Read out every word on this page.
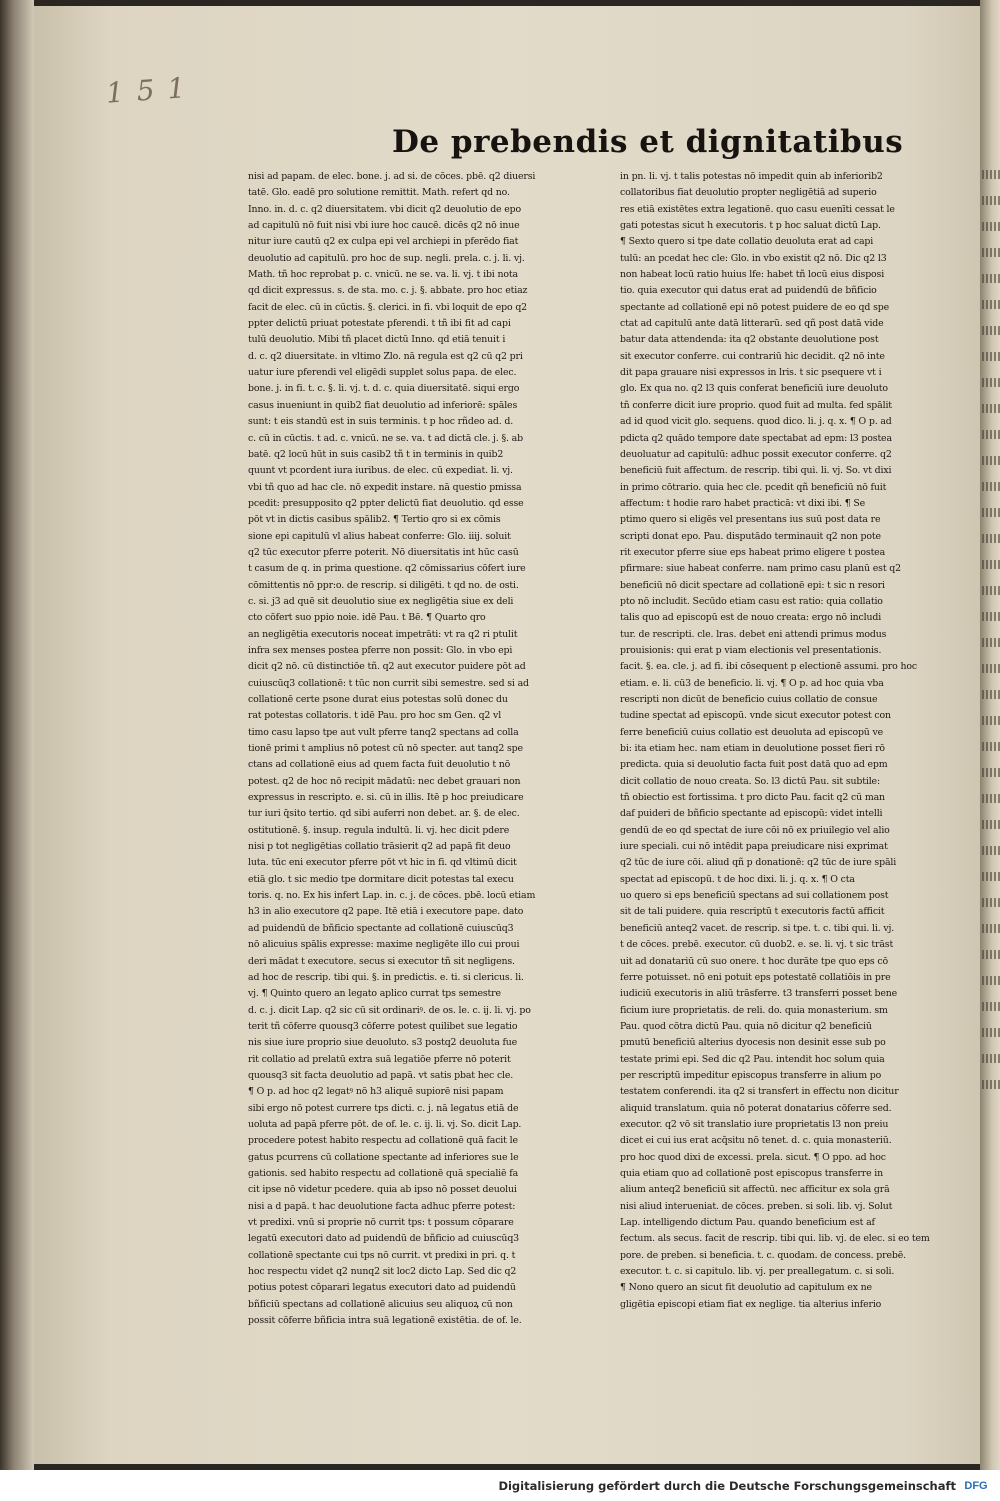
1 5 1
De prebendis et dignitatibus
nisi ad papam. de elec. bone. j. ad si. de cōces. pbē. q2 diuersi
tatē. Glo. eadē pro solutione remittit. Math. refert qd no.
Inno. in. d. c. q2 diuersitatem. vbi dicit q2 deuolutio de epo
ad capitulū nō fuit nisi vbi iure hoc caucē. dicēs q2 nō inue
nitur iure cautū q2 ex culpa epi vel archiepi in pferēdo fiat
deuolutio ad capitulū. pro hoc de sup. negli. prela. c. j. li. vj.
Math. tñ hoc reprobat p. c. vnicū. ne se. va. li. vj. t ibi nota
qd dicit expressus. s. de sta. mo. c. j. §. abbate. pro hoc etiaz
facit de elec. cū in cūctis. §. clerici. in fi. vbi loquit de epo q2
ppter delictū priuat potestate pferendi. t tñ ibi fit ad capi
tulū deuolutio. Mibi tñ placet dictū Inno. qd etiā tenuit i
d. c. q2 diuersitate. in vltimo Zlo. nā regula est q2 cū q2 pri
uatur iure pferendi vel eligēdi supplet solus papa. de elec.
bone. j. in fi. t. c. §. li. vj. t. d. c. quia diuersitatē. siqui ergo
casus inueniunt in quib2 fiat deuolutio ad inferiorē: spāles
sunt: t eis standū est in suis terminis. t p hoc rñdeo ad. d.
c. cū in cūctis. t ad. c. vnicū. ne se. va. t ad dictā cle. j. §. ab
batē. q2 locū hūt in suis casib2 tñ t in terminis in quib2
quunt vt pcordent iura iuribus. de elec. cū expediat. li. vj.
vbi tñ quo ad hac cle. nō expedit instare. nā questio pmissa
pcedit: presupposito q2 ppter delictū fiat deuolutio. qd esse
pōt vt in dictis casibus spālib2. ¶ Tertio qro si ex cōmis
sione epi capitulū vl alius habeat conferre: Glo. iiij. soluit
q2 tūc executor pferre poterit. Nō diuersitatis int hūc casū
t casum de q. in prima questione. q2 cōmissarius cōfert iure
cōmittentis nō ppr:o. de rescrip. si diligēti. t qd no. de osti.
c. si. j3 ad quē sit deuolutio siue ex negligētia siue ex deli
cto cōfert suo ppio noie. idē Pau. t Bē. ¶ Quarto qro
an negligētia executoris noceat impetrāti: vt ra q2 ri ptulit
infra sex menses postea pferre non possit: Glo. in vbo epi
dicit q2 nō. cū distinctiōe tñ. q2 aut executor puidere pōt ad
cuiuscūq3 collationē: t tūc non currit sibi semestre. sed si ad
collationē certe psone durat eius potestas solū donec du
rat potestas collatoris. t idē Pau. pro hoc sm Gen. q2 vl
timo casu lapso tpe aut vult pferre tanq2 spectans ad colla
tionē primi t amplius nō potest cū nō specter. aut tanq2 spe
ctans ad collationē eius ad quem facta fuit deuolutio t nō
potest. q2 de hoc nō recipit mādatū: nec debet grauari non
expressus in rescripto. e. si. cū in illis. Itē p hoc preiudicare
tur iuri q̄sito tertio. qd sibi auferri non debet. ar. §. de elec.
ostitutionē. §. insup. regula indultū. li. vj. hec dicit pdere
nisi p tot negligētias collatio trāsierit q2 ad papā fit deuo
luta. tūc eni executor pferre pōt vt hic in fi. qd vltimū dicit
etiā glo. t sic medio tpe dormitare dicit potestas tal execu
toris. q. no. Ex his infert Lap. in. c. j. de cōces. pbē. locū etiam
h3 in alio executore q2 pape. Itē etiā i executore pape. dato
ad puidendū de bñficio spectante ad collationē cuiuscūq3
nō alicuius spālis expresse: maxime negligēte illo cui proui
deri mādat t executore. secus si executor tñ sit negligens.
ad hoc de rescrip. tibi qui. §. in predictis. e. ti. si clericus. li.
vj. ¶ Quinto quero an legato aplico currat tps semestre
d. c. j. dicit Lap. q2 sic cū sit ordinariꝰ. de os. le. c. ij. li. vj. po
terit tñ cōferre quousq3 cōferre potest quilibet sue legatio
nis siue iure proprio siue deuoluto. s3 postq2 deuoluta fue
rit collatio ad prelatū extra suā legatiōe pferre nō poterit
quousq3 sit facta deuolutio ad papā. vt satis pbat hec cle.
¶ O p. ad hoc q2 legatꝰ nō h3 aliquē supiorē nisi papam
sibi ergo nō potest currere tps dicti. c. j. nā legatus etiā de
uoluta ad papā pferre pōt. de of. le. c. ij. li. vj. So. dicit Lap.
procedere potest habito respectu ad collationē quā facit le
gatus pcurrens cū collatione spectante ad inferiores sue le
gationis. sed habito respectu ad collationē quā specialiē fa
cit ipse nō videtur pcedere. quia ab ipso nō posset deuolui
nisi a d papā. t hac deuolutione facta adhuc pferre potest:
vt predixi. vnū si proprie nō currit tps: t possum cōparare
legatū executori dato ad puidendū de bñficio ad cuiuscūq3
collationē spectante cui tps nō currit. vt predixi in pri. q. t
hoc respectu videt q2 nunq2 sit loc2 dicto Lap. Sed dic q2
potius potest cōparari legatus executori dato ad puidendū
bñficiū spectans ad collationē alicuius seu aliquoꝝ cū non
possit cōferre bñficia intra suā legationē existētia. de of. le.
in pn. li. vj. t talis potestas nō impedit quin ab inferiorib2
collatoribus fiat deuolutio propter negligētiā ad superio
res etiā existētes extra legationē. quo casu euenīti cessat le
gati potestas sicut h executoris. t p hoc saluat dictū Lap.
¶ Sexto quero si tpe date collatio deuoluta erat ad capi
tulū: an pcedat hec cle: Glo. in vbo existit q2 nō. Dic q2 l3
non habeat locū ratio huius lfe: habet tñ locū eius disposi
tio. quia executor qui datus erat ad puidendū de bñficio
spectante ad collationē epi nō potest puidere de eo qd spe
ctat ad capitulū ante datā litterarū. sed qñ post datā vide
batur data attendenda: ita q2 obstante deuolutione post
sit executor conferre. cui contrariū hic decidit. q2 nō inte
dit papa grauare nisi expressos in lris. t sic psequere vt i
glo. Ex qua no. q2 l3 quis conferat beneficiū iure deuoluto
tñ conferre dicit iure proprio. quod fuit ad multa. fed spālit
ad id quod vicit glo. sequens. quod dico. li. j. q. x. ¶ O p. ad
pdicta q2 quādo tempore date spectabat ad epm: l3 postea
deuoluatur ad capitulū: adhuc possit executor conferre. q2
beneficiū fuit affectum. de rescrip. tibi qui. li. vj. So. vt dixi
in primo cōtrario. quia hec cle. pcedit qñ beneficiū nō fuit
affectum: t hodie raro habet practicā: vt dixi ibi. ¶ Se
ptimo quero si eligēs vel presentans ius suū post data re
scripti donat epo. Pau. disputādo terminauit q2 non pote
rit executor pferre siue eps habeat primo eligere t postea
pfirmare: siue habeat conferre. nam primo casu planū est q2
beneficiū nō dicit spectare ad collationē epi: t sic n resori
pto nō includit. Secūdo etiam casu est ratio: quia collatio
talis quo ad episcopū est de nouo creata: ergo nō includi
tur. de rescripti. cle. lras. debet eni attendi primus modus
prouisionis: qui erat p viam electionis vel presentationis.
facit. §. ea. cle. j. ad fi. ibi cōsequent p electionē assumi. pro hoc
etiam. e. li. cū3 de beneficio. li. vj. ¶ O p. ad hoc quia vba
rescripti non dicūt de beneficio cuius collatio de consue
tudine spectat ad episcopū. vnde sicut executor potest con
ferre beneficiū cuius collatio est deuoluta ad episcopū ve
bi: ita etiam hec. nam etiam in deuolutione posset fieri rō
predicta. quia si deuolutio facta fuit post datā quo ad epm
dicit collatio de nouo creata. So. l3 dictū Pau. sit subtile:
tñ obiectio est fortissima. t pro dicto Pau. facit q2 cū man
daf puideri de bñficio spectante ad episcopū: videt intelli
gendū de eo qd spectat de iure cōi nō ex priuilegio vel alio
iure speciali. cui nō intēdit papa preiudicare nisi exprimat
q2 tūc de iure cōi. aliud qñ p donationē: q2 tūc de iure spāli
spectat ad episcopū. t de hoc dixi. li. j. q. x. ¶ O cta
uo quero si eps beneficiū spectans ad sui collationem post
sit de tali puidere. quia rescriptū t executoris factū afficit
beneficiū anteq2 vacet. de rescrip. si tpe. t. c. tibi qui. li. vj.
t de cōces. prebē. executor. cū duob2. e. se. li. vj. t sic trāst
uit ad donatariū cū suo onere. t hoc durāte tpe quo eps cō
ferre potuisset. nō eni potuit eps potestatē collatiōis in pre
iudiciū executoris in aliū trāsferre. t3 transferri posset bene
ficium iure proprietatis. de reli. do. quia monasterium. sm
Pau. quod cōtra dictū Pau. quia nō dicitur q2 beneficiū
pmutū beneficiū alterius dyocesis non desinit esse sub po
testate primi epi. Sed dic q2 Pau. intendit hoc solum quia
per rescriptū impeditur episcopus transferre in alium po
testatem conferendi. ita q2 si transfert in effectu non dicitur
aliquid translatum. quia nō poterat donatarius cōferre sed.
executor. q2 vō sit translatio iure proprietatis l3 non preiu
dicet ei cui ius erat acq̄situ nō tenet. d. c. quia monasteriū.
pro hoc quod dixi de excessi. prela. sicut. ¶ O ppo. ad hoc
quia etiam quo ad collationē post episcopus transferre in
alium anteq2 beneficiū sit affectū. nec afficitur ex sola grā
nisi aliud interueniat. de cōces. preben. si soli. lib. vj. Solut
Lap. intelligendo dictum Pau. quando beneficium est af
fectum. als secus. facit de rescrip. tibi qui. lib. vj. de elec. si eo tem
pore. de preben. si beneficia. t. c. quodam. de concess. prebē.
executor. t. c. si capitulo. lib. vj. per preallegatum. c. si soli.
¶ Nono quero an sicut fit deuolutio ad capitulum ex ne
gligētia episcopi etiam fiat ex neglige. tia alterius inferio
Digitalisierung gefördert durch die Deutsche Forschungsgemeinschaft DFG
